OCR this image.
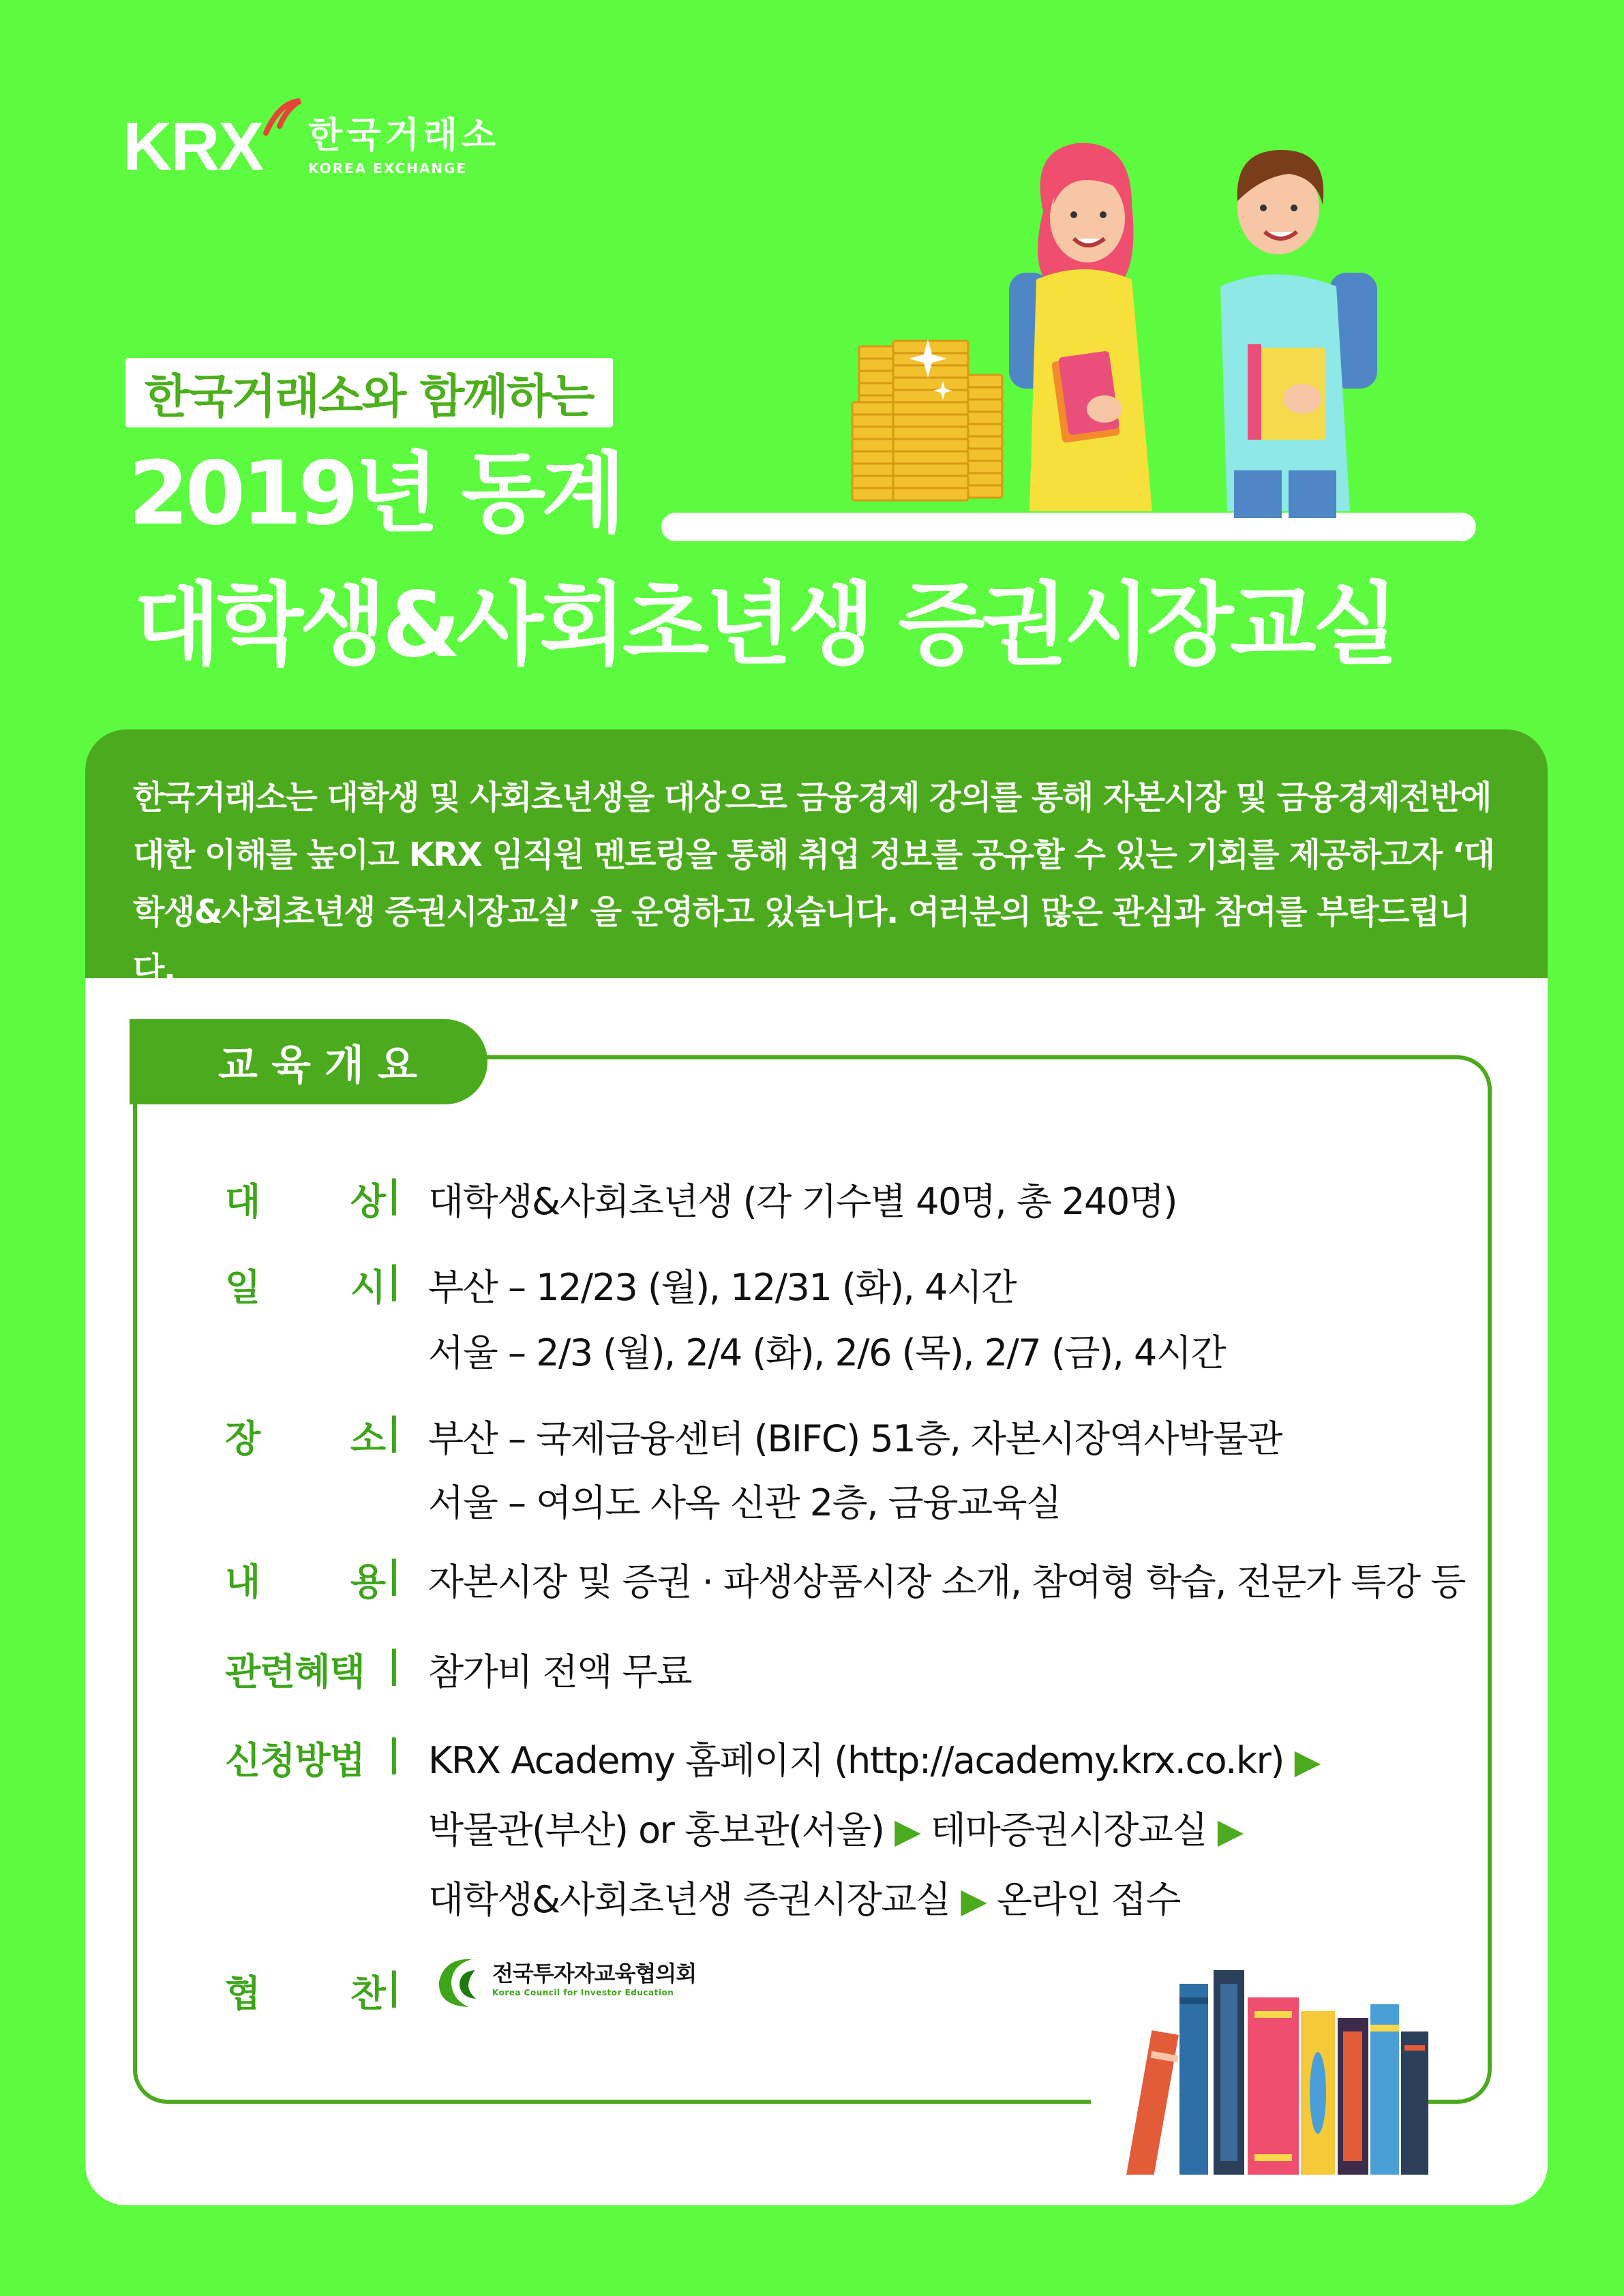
KRX 한국거래소
KOREA EXCHANGE
한국거래소와 함께하는
2019년 동계
대학생&사회초년생 증권시장교실
한국거래소는 대학생 및 사회초년생을 대상으로 금융경제 강의를 통해 자본시장 및 금융경제전반에
대한 이해를 높이고 KRX 임직원 멘토링을 통해 취업 정보를 공유할 수 있는 기회를 제공하고자 ‘대
학생&사회초년생 증권시장교실’ 을 운영하고 있습니다. 여러분의 많은 관심과 참여를 부탁드립니다.
교육개요
대 상 | 대학생&사회초년생 (각 기수별 40명, 총 240명)
일 시 | 부산 – 12/23 (월), 12/31 (화), 4시간
서울 – 2/3 (월), 2/4 (화), 2/6 (목), 2/7 (금), 4시간
장 소 | 부산 – 국제금융센터 (BIFC) 51층, 자본시장역사박물관
서울 – 여의도 사옥 신관 2층, 금융교육실
내 용 | 자본시장 및 증권 · 파생상품시장 소개, 참여형 학습, 전문가 특강 등
관련혜택 | 참가비 전액 무료
신청방법 | KRX Academy 홈페이지 (http://academy.krx.co.kr) ▶
박물관(부산) or 홍보관(서울) ▶ 테마증권시장교실 ▶
대학생&사회초년생 증권시장교실 ▶ 온라인 접수
협 찬 |	전국투자자교육협의회
Korea Council for Investor Education
